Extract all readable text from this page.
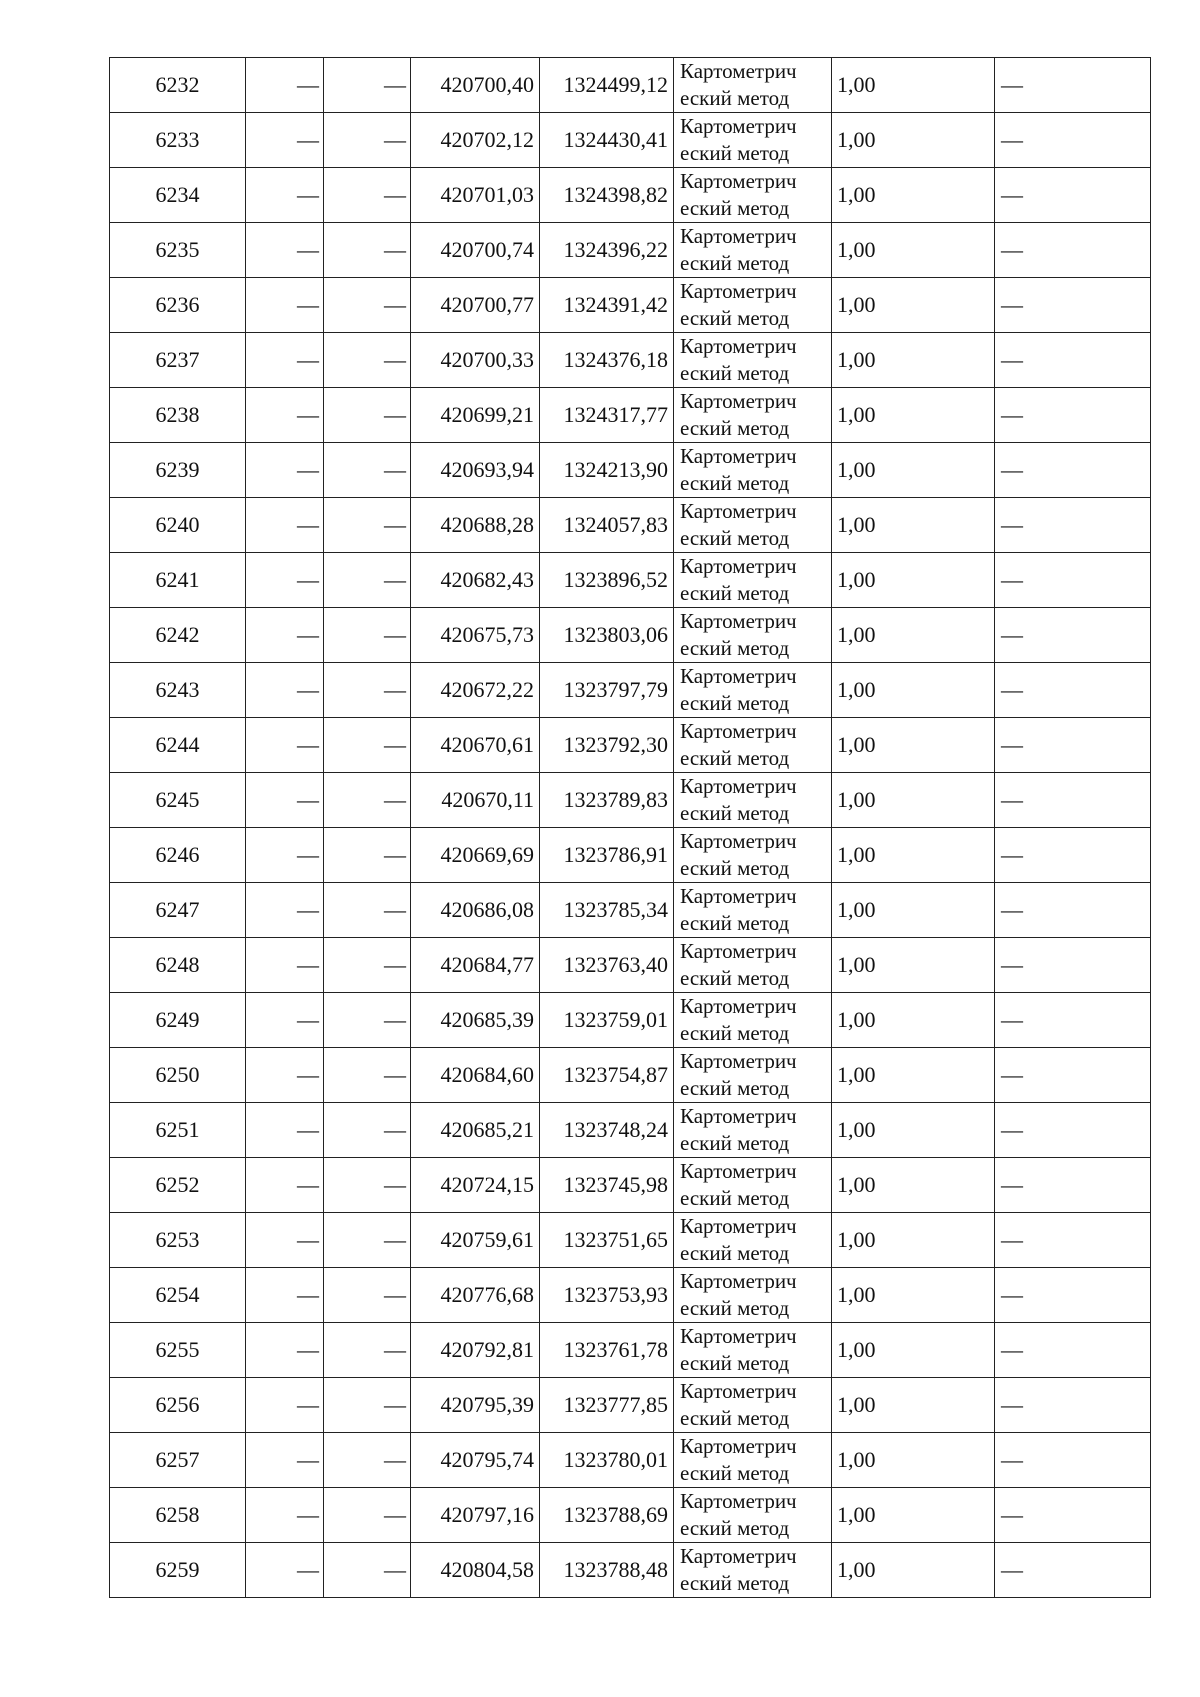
6232	—	—	420700,40	1324499,12	Картометрич
еский метод	1,00	—
6233	—	—	420702,12	1324430,41	Картометрич
еский метод	1,00	—
6234	—	—	420701,03	1324398,82	Картометрич
еский метод	1,00	—
6235	—	—	420700,74	1324396,22	Картометрич
еский метод	1,00	—
6236	—	—	420700,77	1324391,42	Картометрич
еский метод	1,00	—
6237	—	—	420700,33	1324376,18	Картометрич
еский метод	1,00	—
6238	—	—	420699,21	1324317,77	Картометрич
еский метод	1,00	—
6239	—	—	420693,94	1324213,90	Картометрич
еский метод	1,00	—
6240	—	—	420688,28	1324057,83	Картометрич
еский метод	1,00	—
6241	—	—	420682,43	1323896,52	Картометрич
еский метод	1,00	—
6242	—	—	420675,73	1323803,06	Картометрич
еский метод	1,00	—
6243	—	—	420672,22	1323797,79	Картометрич
еский метод	1,00	—
6244	—	—	420670,61	1323792,30	Картометрич
еский метод	1,00	—
6245	—	—	420670,11	1323789,83	Картометрич
еский метод	1,00	—
6246	—	—	420669,69	1323786,91	Картометрич
еский метод	1,00	—
6247	—	—	420686,08	1323785,34	Картометрич
еский метод	1,00	—
6248	—	—	420684,77	1323763,40	Картометрич
еский метод	1,00	—
6249	—	—	420685,39	1323759,01	Картометрич
еский метод	1,00	—
6250	—	—	420684,60	1323754,87	Картометрич
еский метод	1,00	—
6251	—	—	420685,21	1323748,24	Картометрич
еский метод	1,00	—
6252	—	—	420724,15	1323745,98	Картометрич
еский метод	1,00	—
6253	—	—	420759,61	1323751,65	Картометрич
еский метод	1,00	—
6254	—	—	420776,68	1323753,93	Картометрич
еский метод	1,00	—
6255	—	—	420792,81	1323761,78	Картометрич
еский метод	1,00	—
6256	—	—	420795,39	1323777,85	Картометрич
еский метод	1,00	—
6257	—	—	420795,74	1323780,01	Картометрич
еский метод	1,00	—
6258	—	—	420797,16	1323788,69	Картометрич
еский метод	1,00	—
6259	—	—	420804,58	1323788,48	Картометрич
еский метод	1,00	—
